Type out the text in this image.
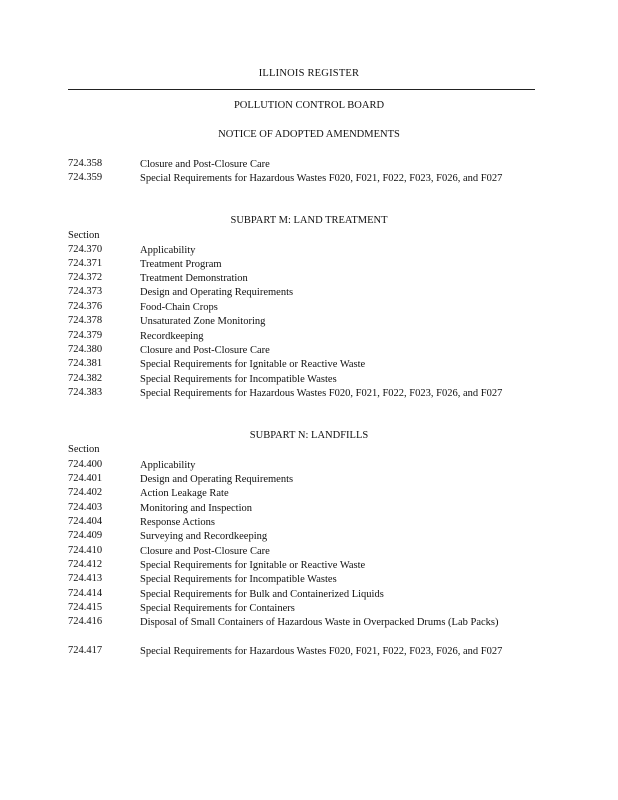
ILLINOIS REGISTER
POLLUTION CONTROL BOARD
NOTICE OF ADOPTED AMENDMENTS
724.358	Closure and Post-Closure Care
724.359	Special Requirements for Hazardous Wastes F020, F021, F022, F023, F026, and F027
SUBPART M: LAND TREATMENT
Section
724.370	Applicability
724.371	Treatment Program
724.372	Treatment Demonstration
724.373	Design and Operating Requirements
724.376	Food-Chain Crops
724.378	Unsaturated Zone Monitoring
724.379	Recordkeeping
724.380	Closure and Post-Closure Care
724.381	Special Requirements for Ignitable or Reactive Waste
724.382	Special Requirements for Incompatible Wastes
724.383	Special Requirements for Hazardous Wastes F020, F021, F022, F023, F026, and F027
SUBPART N: LANDFILLS
Section
724.400	Applicability
724.401	Design and Operating Requirements
724.402	Action Leakage Rate
724.403	Monitoring and Inspection
724.404	Response Actions
724.409	Surveying and Recordkeeping
724.410	Closure and Post-Closure Care
724.412	Special Requirements for Ignitable or Reactive Waste
724.413	Special Requirements for Incompatible Wastes
724.414	Special Requirements for Bulk and Containerized Liquids
724.415	Special Requirements for Containers
724.416	Disposal of Small Containers of Hazardous Waste in Overpacked Drums (Lab Packs)
724.417	Special Requirements for Hazardous Wastes F020, F021, F022, F023, F026, and F027
